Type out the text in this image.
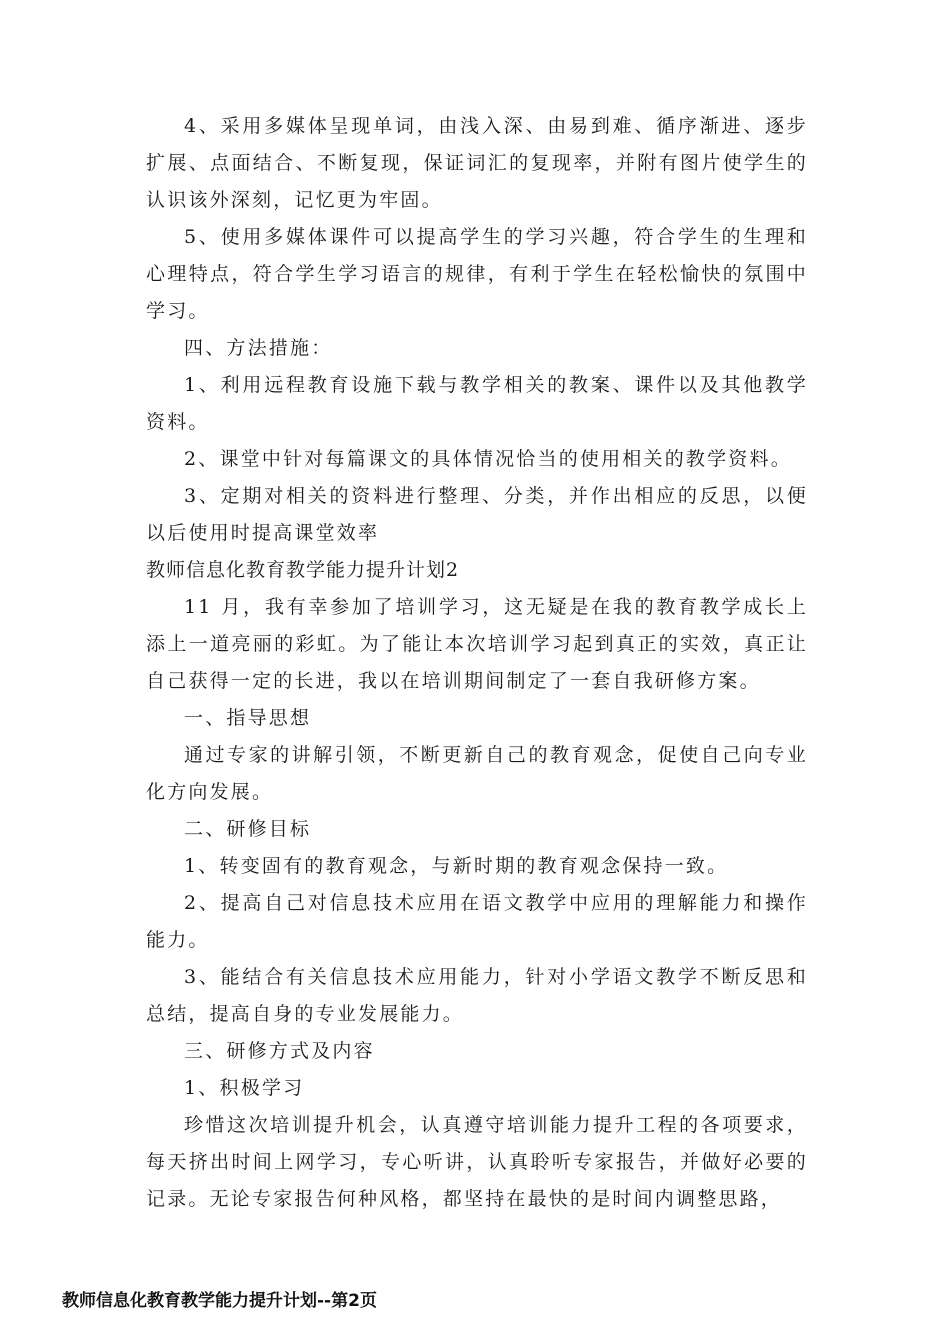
4、采用多媒体呈现单词，由浅入深、由易到难、循序渐进、逐步扩展、点面结合、不断复现，保证词汇的复现率，并附有图片使学生的认识该外深刻，记忆更为牢固。

5、使用多媒体课件可以提高学生的学习兴趣，符合学生的生理和心理特点，符合学生学习语言的规律，有利于学生在轻松愉快的氛围中学习。

四、方法措施：

1、利用远程教育设施下载与教学相关的教案、课件以及其他教学资料。

2、课堂中针对每篇课文的具体情况恰当的使用相关的教学资料。

3、定期对相关的资料进行整理、分类，并作出相应的反思，以便以后使用时提高课堂效率

教师信息化教育教学能力提升计划2

11 月，我有幸参加了培训学习，这无疑是在我的教育教学成长上添上一道亮丽的彩虹。为了能让本次培训学习起到真正的实效，真正让自己获得一定的长进，我以在培训期间制定了一套自我研修方案。

一、指导思想

通过专家的讲解引领，不断更新自己的教育观念，促使自己向专业化方向发展。

二、研修目标

1、转变固有的教育观念，与新时期的教育观念保持一致。

2、提高自己对信息技术应用在语文教学中应用的理解能力和操作能力。

3、能结合有关信息技术应用能力，针对小学语文教学不断反思和总结，提高自身的专业发展能力。

三、研修方式及内容

1、积极学习

珍惜这次培训提升机会，认真遵守培训能力提升工程的各项要求，每天挤出时间上网学习，专心听讲，认真聆听专家报告，并做好必要的记录。无论专家报告何种风格，都坚持在最快的是时间内调整思路，

教师信息化教育教学能力提升计划--第2页
